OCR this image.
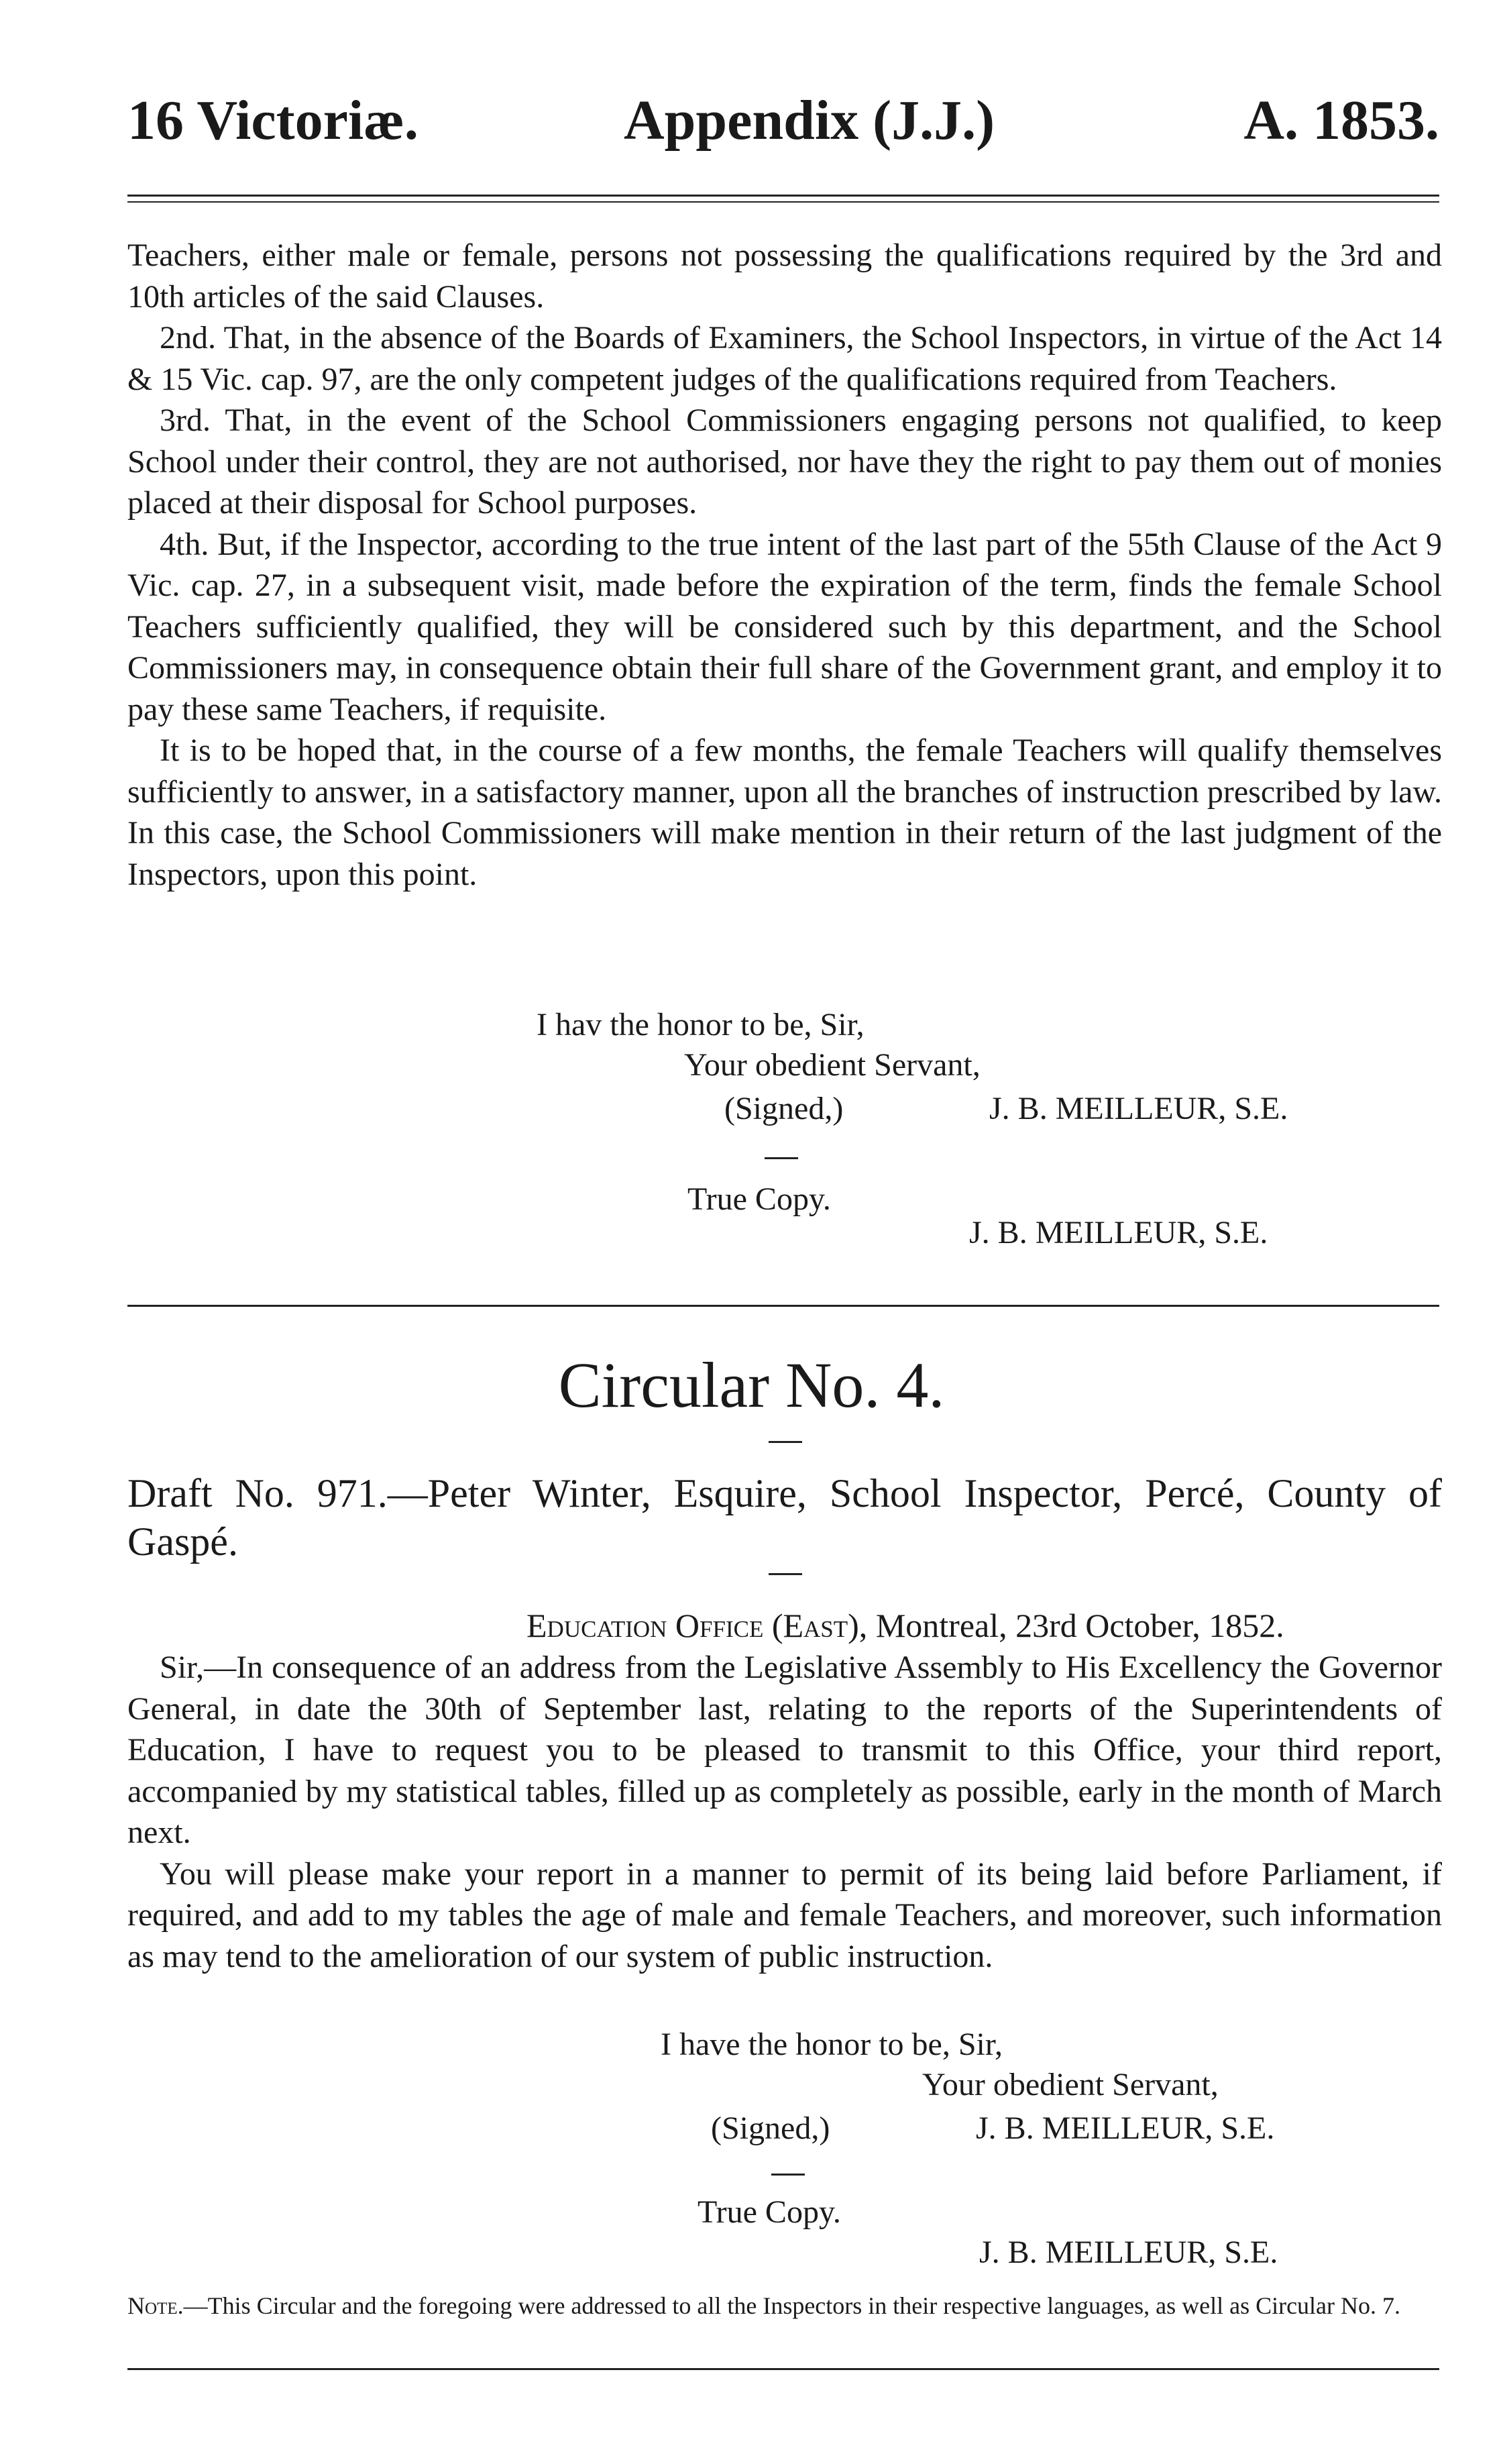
16 Victoriæ.	Appendix (J.J.)	A. 1853.

Teachers, either male or female, persons not possessing the qualifications required by the 3rd and 10th articles of the said Clauses.

2nd. That, in the absence of the Boards of Examiners, the School Inspectors, in virtue of the Act 14 & 15 Vic. cap. 97, are the only competent judges of the qualifications required from Teachers.

3rd. That, in the event of the School Commissioners engaging persons not qualified, to keep School under their control, they are not authorised, nor have they the right to pay them out of monies placed at their disposal for School purposes.

4th. But, if the Inspector, according to the true intent of the last part of the 55th Clause of the Act 9 Vic. cap. 27, in a subsequent visit, made before the expiration of the term, finds the female School Teachers sufficiently qualified, they will be considered such by this department, and the School Commissioners may, in consequence obtain their full share of the Government grant, and employ it to pay these same Teachers, if requisite.

It is to be hoped that, in the course of a few months, the female Teachers will qualify themselves sufficiently to answer, in a satisfactory manner, upon all the branches of instruction prescribed by law. In this case, the School Commissioners will make mention in their return of the last judgment of the Inspectors, upon this point.

I hav the honor to be, Sir,
Your obedient Servant,
(Signed,)	J. B. MEILLEUR, S.E.
True Copy.
J. B. MEILLEUR, S.E.
Circular No. 4.
Draft No. 971.—Peter Winter, Esquire, School Inspector, Percé, County of Gaspé.
Education Office (East), Montreal, 23rd October, 1852.

Sir,—In consequence of an address from the Legislative Assembly to His Excellency the Governor General, in date the 30th of September last, relating to the reports of the Superintendents of Education, I have to request you to be pleased to transmit to this Office, your third report, accompanied by my statistical tables, filled up as completely as possible, early in the month of March next.

You will please make your report in a manner to permit of its being laid before Parliament, if required, and add to my tables the age of male and female Teachers, and moreover, such information as may tend to the amelioration of our system of public instruction.

I have the honor to be, Sir,
Your obedient Servant,
(Signed,)	J. B. MEILLEUR, S.E.
True Copy.
J. B. MEILLEUR, S.E.
Note.—This Circular and the foregoing were addressed to all the Inspectors in their respective languages, as well as Circular No. 7.
